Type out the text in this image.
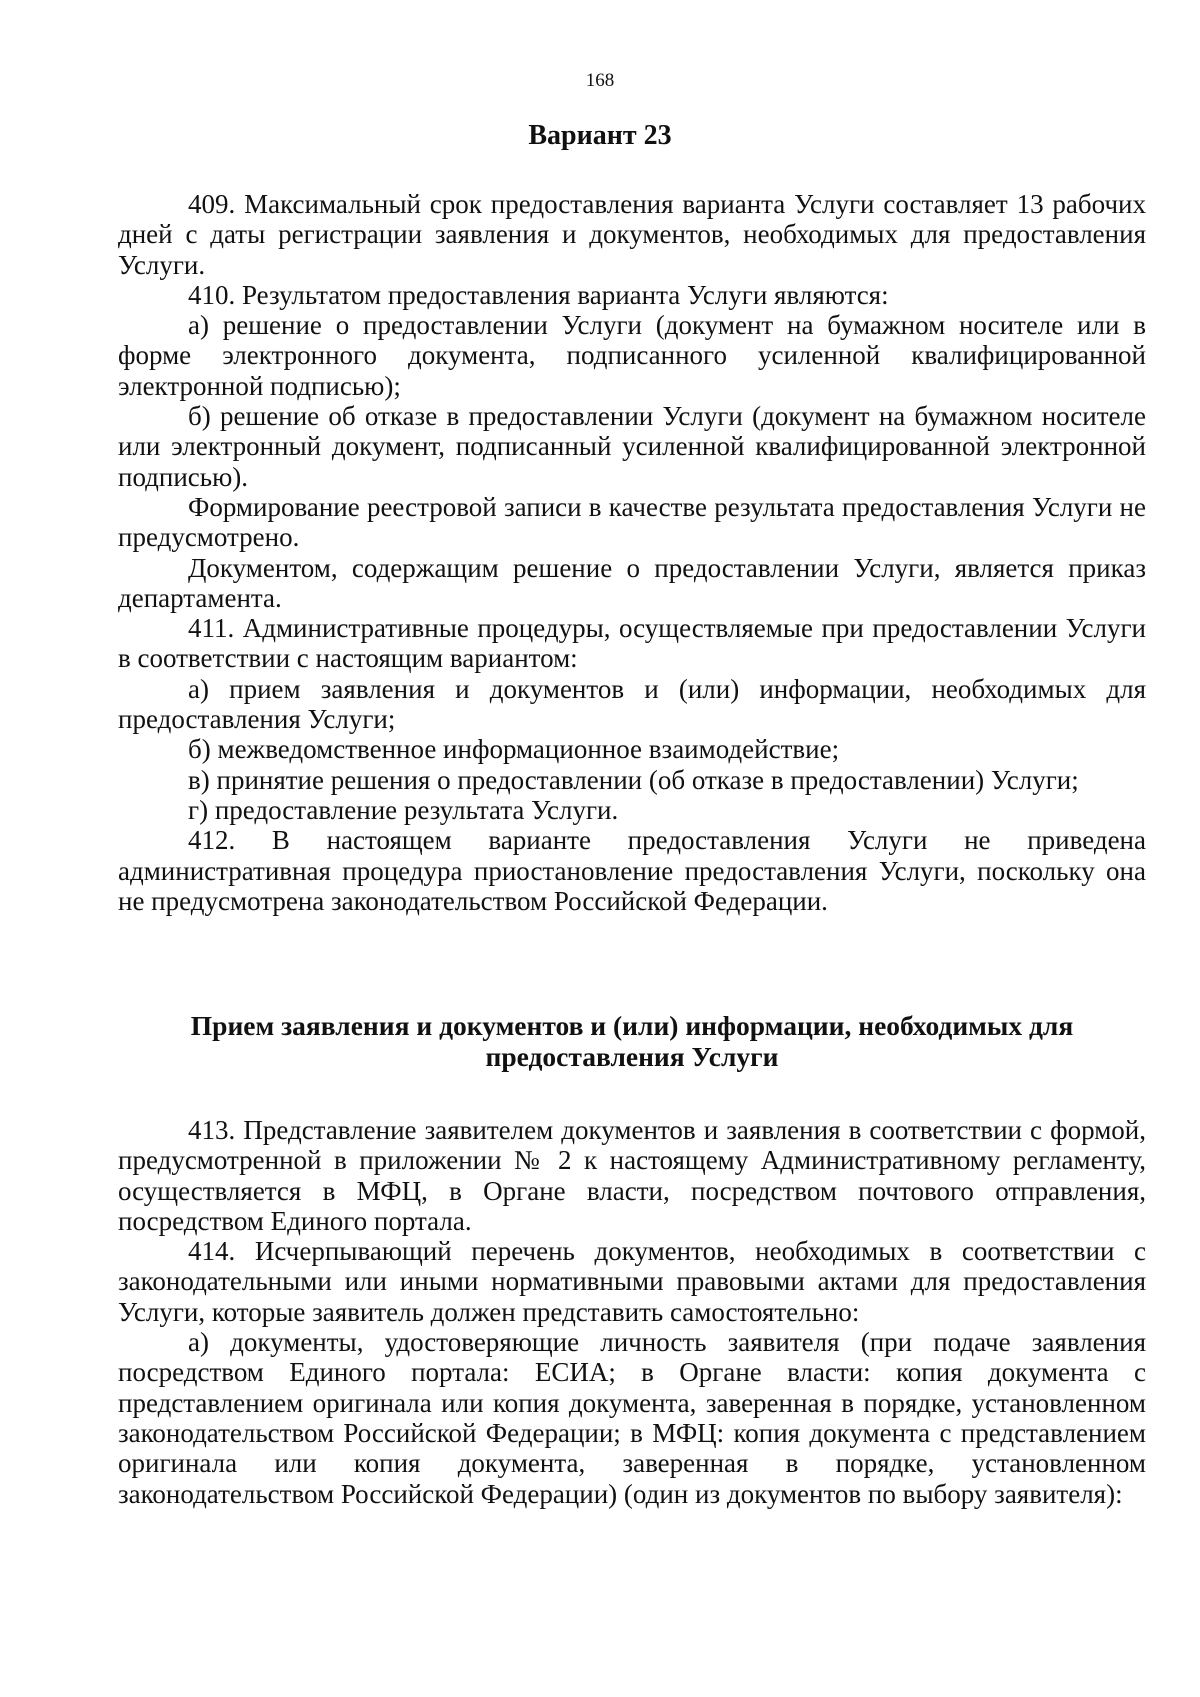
168
Вариант 23

409. Максимальный срок предоставления варианта Услуги составляет 13 рабочих дней с даты регистрации заявления и документов, необходимых для предоставления Услуги.

410. Результатом предоставления варианта Услуги являются:

а) решение о предоставлении Услуги (документ на бумажном носителе или в форме электронного документа, подписанного усиленной квалифицированной электронной подписью);

б) решение об отказе в предоставлении Услуги (документ на бумажном носителе или электронный документ, подписанный усиленной квалифицированной электронной подписью).

Формирование реестровой записи в качестве результата предоставления Услуги не предусмотрено.

Документом, содержащим решение о предоставлении Услуги, является приказ департамента.

411. Административные процедуры, осуществляемые при предоставлении Услуги в соответствии с настоящим вариантом:

а) прием заявления и документов и (или) информации, необходимых для предоставления Услуги;

б) межведомственное информационное взаимодействие;

в) принятие решения о предоставлении (об отказе в предоставлении) Услуги;

г) предоставление результата Услуги.

412. В настоящем варианте предоставления Услуги не приведена административная процедура приостановление предоставления Услуги, поскольку она не предусмотрена законодательством Российской Федерации.

Прием заявления и документов и (или) информации, необходимых для предоставления Услуги

413. Представление заявителем документов и заявления в соответствии с формой, предусмотренной в приложении № 2 к настоящему Административному регламенту, осуществляется в МФЦ, в Органе власти, посредством почтового отправления, посредством Единого портала.

414. Исчерпывающий перечень документов, необходимых в соответствии с законодательными или иными нормативными правовыми актами для предоставления Услуги, которые заявитель должен представить самостоятельно:

а) документы, удостоверяющие личность заявителя (при подаче заявления посредством Единого портала: ЕСИА; в Органе власти: копия документа с представлением оригинала или копия документа, заверенная в порядке, установленном законодательством Российской Федерации; в МФЦ: копия документа с представлением оригинала или копия документа, заверенная в порядке, установленном законодательством Российской Федерации) (один из документов по выбору заявителя):
